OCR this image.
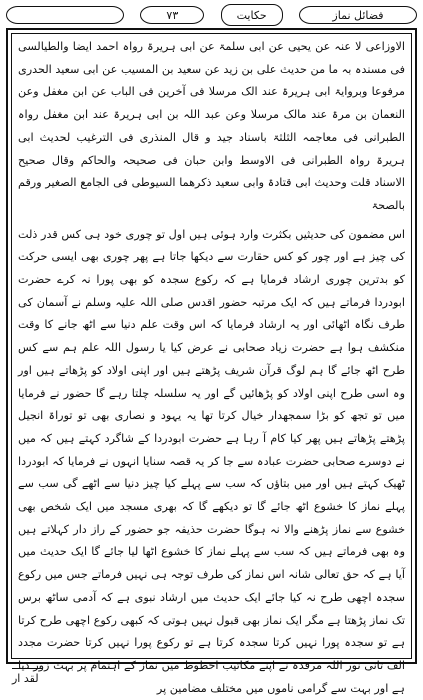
٧٣	حکایت	فضائل نماز

الاوزاعی لا عنہ عن یحیی عن ابی سلمۃ عن ابی ہریرۃ رواہ احمد ایضا والطیالسی فی مسندہ بہ ما من حدیث علی بن زید عن سعید بن المسیب عن ابی سعید الحدری مرفوعا وبروایۃ ابی ہریرۃ عند الک مرسلا فی آخرین فی الباب عن ابن مغفل وعن النعمان بن مرۃ عند مالک مرسلا وعن عبد اللہ بن ابی ہریرۃ عند ابن مغفل رواہ الطبرانی فی معاجمہ الثلثۃ باسناد جید و قال المنذری فی الترغیب لحدیث ابی ہریرۃ رواہ الطبرانی فی الاوسط وابن حبان فی صحیحہ والحاکم وقال صحیح الاسناد قلت وحدیث ابی قتادۃ وابی سعید ذکرھما السیوطی فی الجامع الصغیر ورقم بالصحۃ

اس مضمون کی حدیثیں بکثرت وارد ہوئی ہیں اول تو چوری خود ہی کس قدر ذلت کی چیز ہے اور چور کو کس حقارت سے دیکھا جاتا ہے پھر چوری بھی ایسی حرکت کو بدترین چوری ارشاد فرمایا ہے کہ رکوع سجدہ کو بھی پورا نہ کرے حضرت ابودردا فرماتے ہیں کہ ایک مرتبہ حضور اقدس صلی اللہ علیہ وسلم نے آسمان کی طرف نگاہ اٹھائی اور یہ ارشاد فرمایا کہ اس وقت علم دنیا سے اٹھ جانے کا وقت منکشف ہوا ہے حضرت زیاد صحابی نے عرض کیا یا رسول اللہ علم ہم سے کس طرح اٹھ جائے گا ہم لوگ قرآن شریف پڑھتے ہیں اور اپنی اولاد کو پڑھاتے ہیں اور وہ اسی طرح اپنی اولاد کو پڑھائیں گے اور یہ سلسلہ چلتا رہے گا حضور نے فرمایا میں تو تجھ کو بڑا سمجھدار خیال کرتا تھا یہ یہود و نصاری بھی تو توراۃ انجیل پڑھتے پڑھاتے ہیں پھر کیا کام آ رہا ہے حضرت ابودردا کے شاگرد کہتے ہیں کہ میں نے دوسرے صحابی حضرت عبادہ سے جا کر یہ قصہ سنایا انہوں نے فرمایا کہ ابودردا ٹھیک کہتے ہیں اور میں بتاؤں کہ سب سے پہلے کیا چیز دنیا سے اٹھے گی سب سے پہلے نماز کا خشوع اٹھ جائے گا تو دیکھے گا کہ بھری مسجد میں ایک شخص بھی خشوع سے نماز پڑھنے والا نہ ہوگا حضرت حذیفہ جو حضور کے راز دار کہلاتے ہیں وہ بھی فرماتے ہیں کہ سب سے پہلے نماز کا خشوع اٹھا لیا جائے گا ایک حدیث میں آیا ہے کہ حق تعالی شانہ اس نماز کی طرف توجہ ہی نہیں فرماتے جس میں رکوع سجدہ اچھی طرح نہ کیا جائے ایک حدیث میں ارشاد نبوی ہے کہ آدمی ساٹھ برس تک نماز پڑھتا ہے مگر ایک نماز بھی قبول نہیں ہوتی کہ کبھی رکوع اچھی طرح کرتا ہے تو سجدہ پورا نہیں کرتا سجدہ کرتا ہے تو رکوع پورا نہیں کرتا حضرت مجدد الف ثانی نور اللہ مرقدہ نے اپنے مکاتیب اخطوط میں نماز کے اہتمام پر بہت زور دیا ہے اور بہت سے گرامی ناموں میں مختلف مضامین پر

لقد ار
